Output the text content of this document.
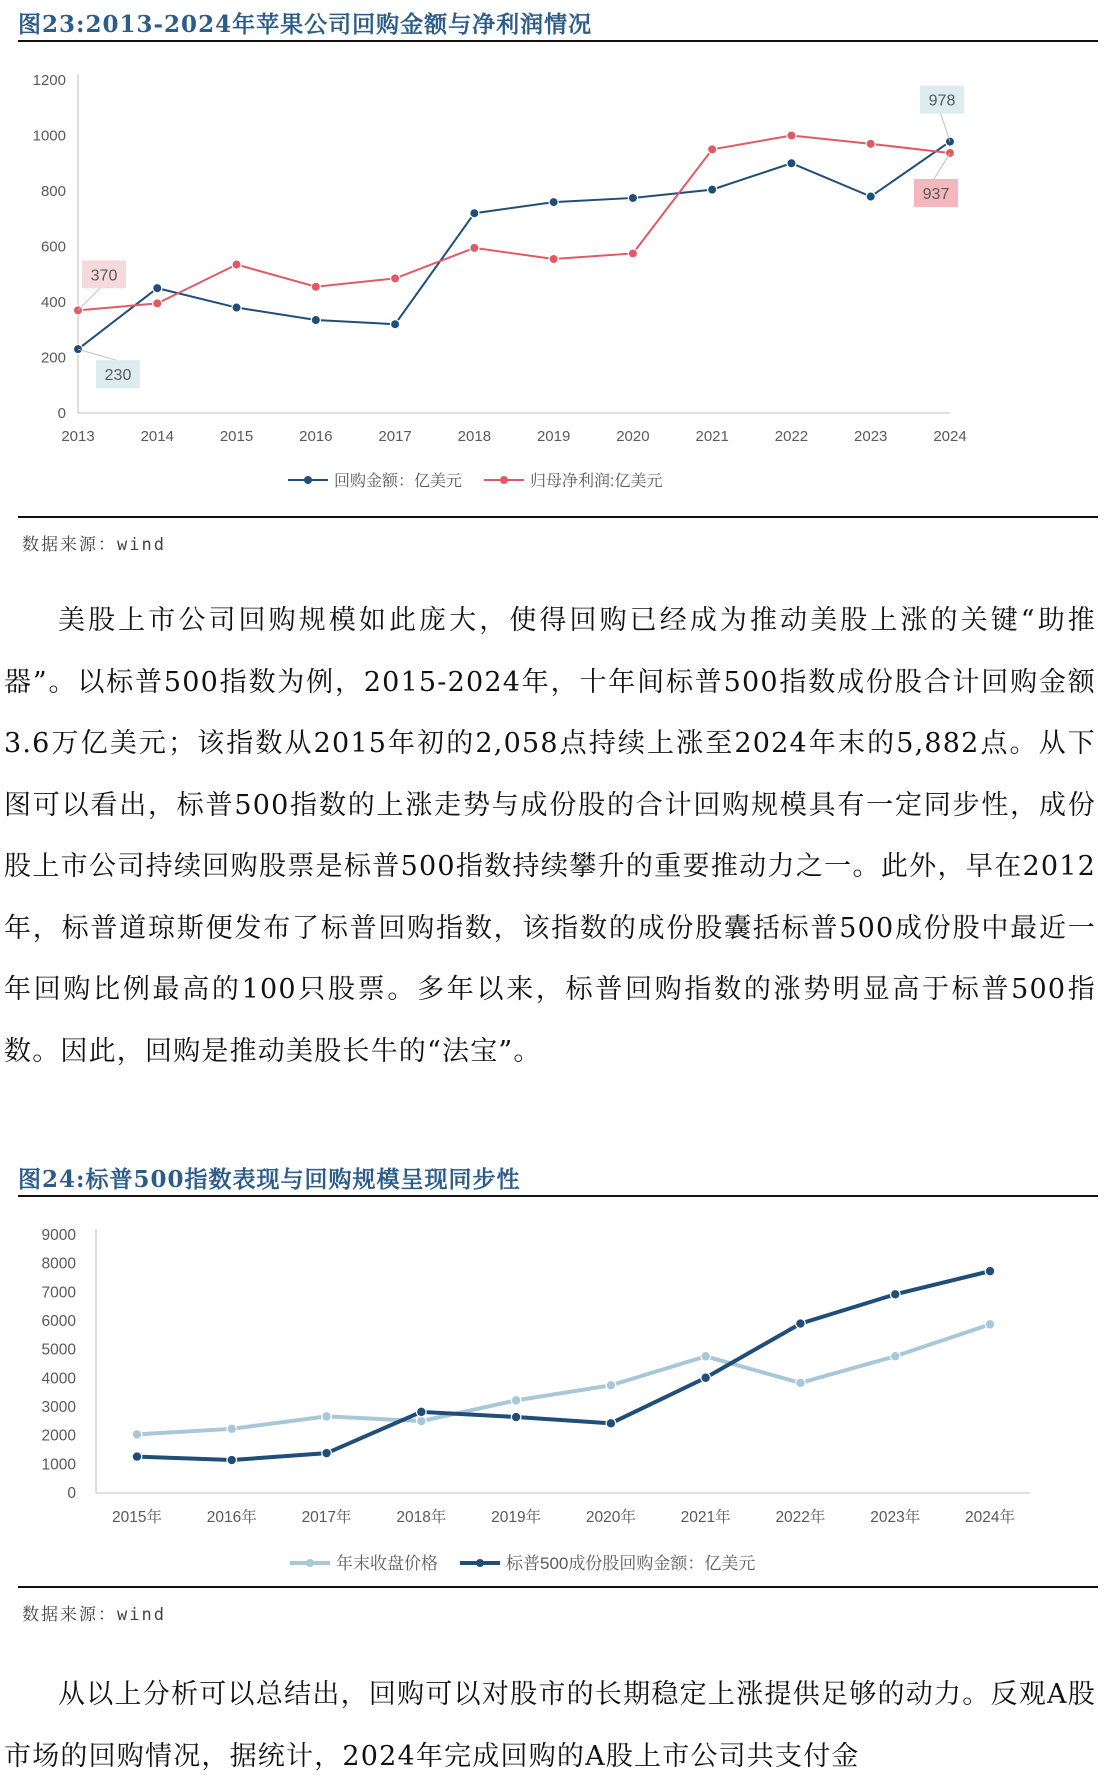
图23:2013-2024年苹果公司回购金额与净利润情况
0
200
400
600
800
1000
1200
2013	2014	2015	2016	2017	2018	2019	2020	2021	2022	2023	2024
回购金额：亿美元	归母净利润:亿美元
370
230
978
937
数据来源：wind

美股上市公司回购规模如此庞大，使得回购已经成为推动美股上涨的关键“助推器”。以标普500指数为例，2015-2024年，十年间标普500指数成份股合计回购金额3.6万亿美元；该指数从2015年初的2,058点持续上涨至2024年末的5,882点。从下图可以看出，标普500指数的上涨走势与成份股的合计回购规模具有一定同步性，成份股上市公司持续回购股票是标普500指数持续攀升的重要推动力之一。此外，早在2012年，标普道琼斯便发布了标普回购指数，该指数的成份股囊括标普500成份股中最近一年回购比例最高的100只股票。多年以来，标普回购指数的涨势明显高于标普500指数。因此，回购是推动美股长牛的“法宝”。

图24:标普500指数表现与回购规模呈现同步性
0
1000
2000
3000
4000
5000
6000
7000
8000
9000
2015年	2016年	2017年	2018年	2019年	2020年	2021年	2022年	2023年	2024年
年末收盘价格	标普500成份股回购金额：亿美元
数据来源：wind

从以上分析可以总结出，回购可以对股市的长期稳定上涨提供足够的动力。反观A股市场的回购情况，据统计，2024年完成回购的A股上市公司共支付金
